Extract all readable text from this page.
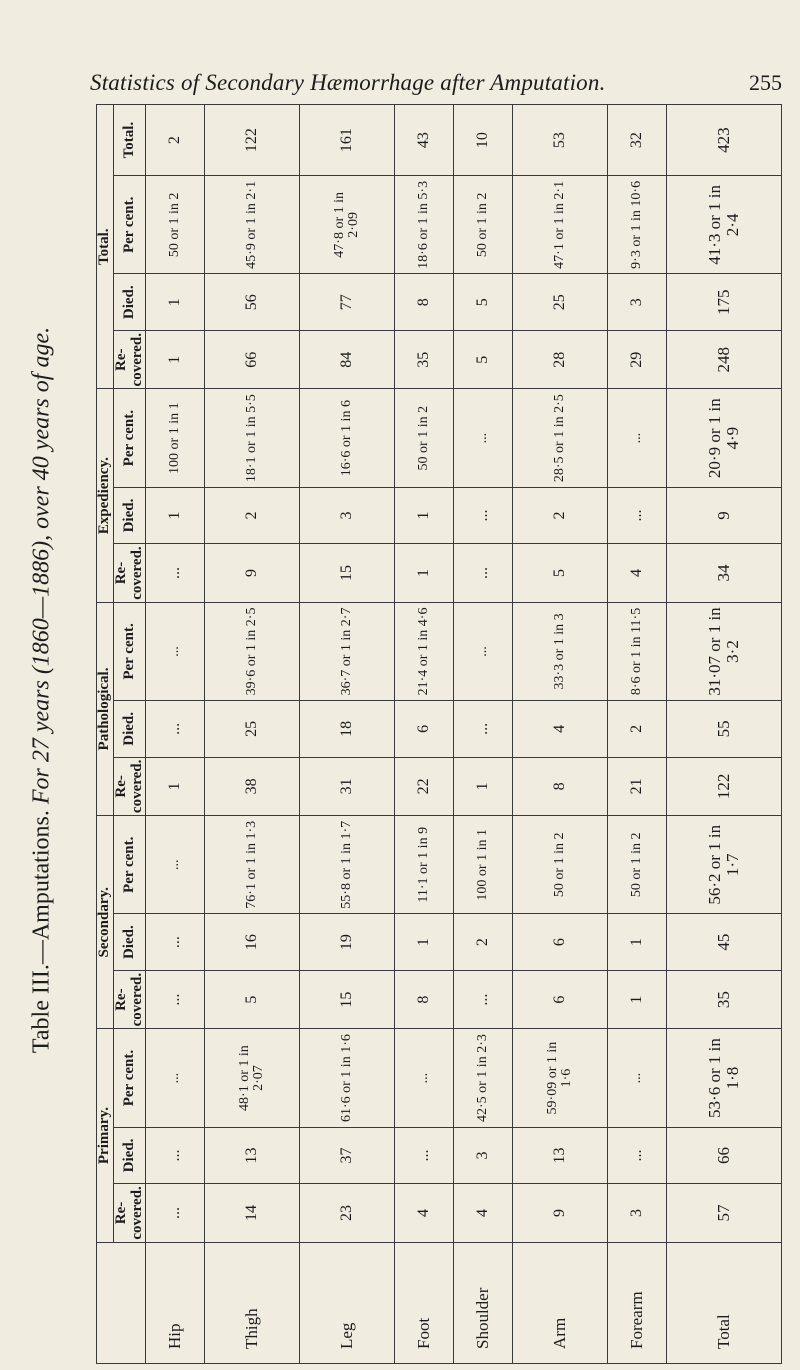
Statistics of Secondary Hæmorrhage after Amputation.	255
Table III.—Amputations. For 27 years (1860—1886), over 40 years of age.
	Primary.			Secondary.			Pathological.			Expediency.			Total.			
	Re-covered.	Died.	Per cent.	Re-covered.	Died.	Per cent.	Re-covered.	Died.	Per cent.	Re-covered.	Died.	Per cent.	Re-covered.	Died.	Per cent.	Total.
Hip	...	...	...	...	...	...	1	...	...	...	1	100 or 1 in 1	1	1	50 or 1 in 2	2
Thigh	14	13	48·1 or 1 in 2·07	5	16	76·1 or 1 in 1·3	38	25	39·6 or 1 in 2·5	9	2	18·1 or 1 in 5·5	66	56	45·9 or 1 in 2·1	122
Leg	23	37	61·6 or 1 in 1·6	15	19	55·8 or 1 in 1·7	31	18	36·7 or 1 in 2·7	15	3	16·6 or 1 in 6	84	77	47·8 or 1 in 2·09	161
Foot	4	...	...	8	1	11·1 or 1 in 9	22	6	21·4 or 1 in 4·6	1	1	50 or 1 in 2	35	8	18·6 or 1 in 5·3	43
Shoulder	4	3	42·5 or 1 in 2·3	...	2	100 or 1 in 1	1	...	...	...	...	...	5	5	50 or 1 in 2	10
Arm	9	13	59·09 or 1 in 1·6	6	6	50 or 1 in 2	8	4	33·3 or 1 in 3	5	2	28·5 or 1 in 2·5	28	25	47·1 or 1 in 2·1	53
Forearm	3	...	...	1	1	50 or 1 in 2	21	2	8·6 or 1 in 11·5	4	...	...	29	3	9·3 or 1 in 10·6	32
Total	57	66	53·6 or 1 in 1·8	35	45	56·2 or 1 in 1·7	122	55	31·07 or 1 in 3·2	34	9	20·9 or 1 in 4·9	248	175	41·3 or 1 in 2·4	423
